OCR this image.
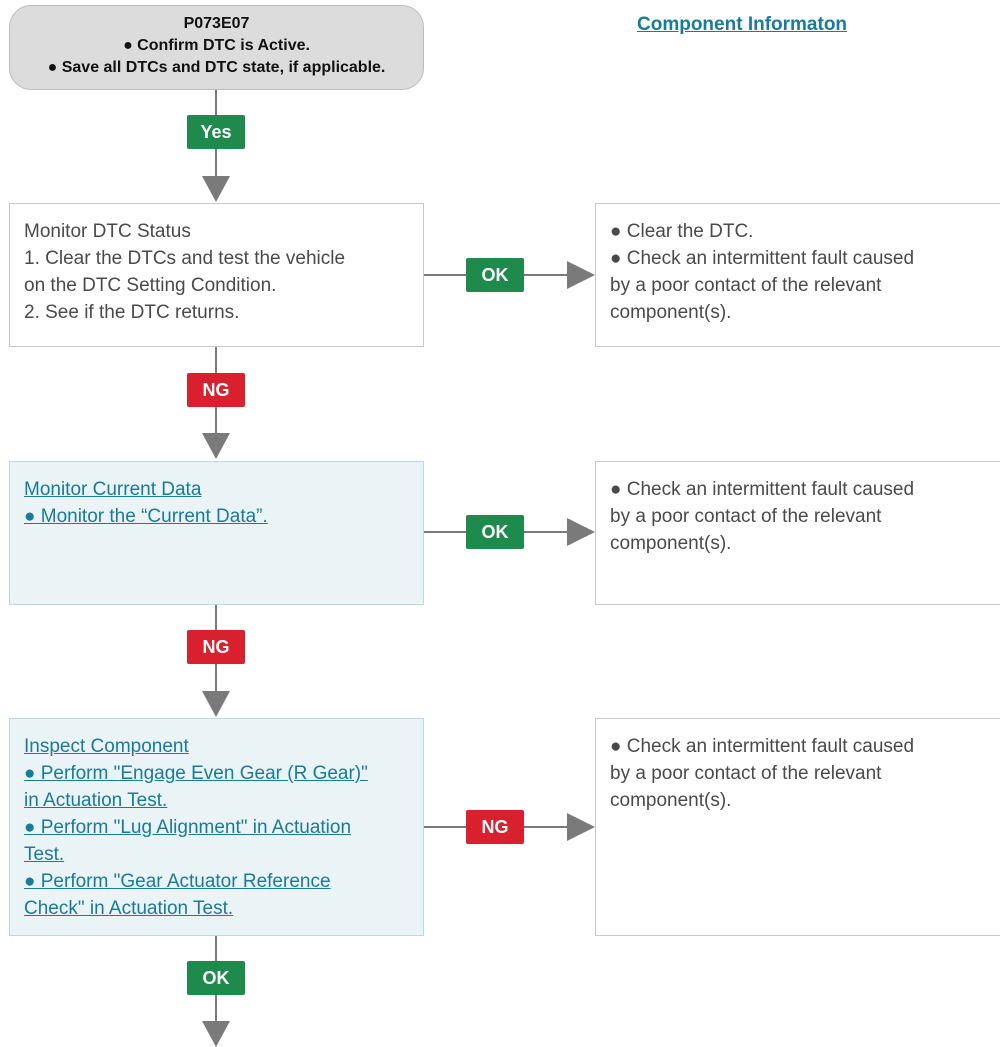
P073E07
● Confirm DTC is Active.
● Save all DTCs and DTC state, if applicable.
Component Informaton
Yes
Monitor DTC Status
1. Clear the DTCs and test the vehicle
on the DTC Setting Condition.
2. See if the DTC returns.
OK
● Clear the DTC.
● Check an intermittent fault caused
by a poor contact of the relevant
component(s).
NG
Monitor Current Data
● Monitor the “Current Data”.
OK
● Check an intermittent fault caused
by a poor contact of the relevant
component(s).
NG
Inspect Component
● Perform "Engage Even Gear (R Gear)"
in Actuation Test.
● Perform "Lug Alignment" in Actuation
Test.
● Perform "Gear Actuator Reference
Check" in Actuation Test.
NG
● Check an intermittent fault caused
by a poor contact of the relevant
component(s).
OK
